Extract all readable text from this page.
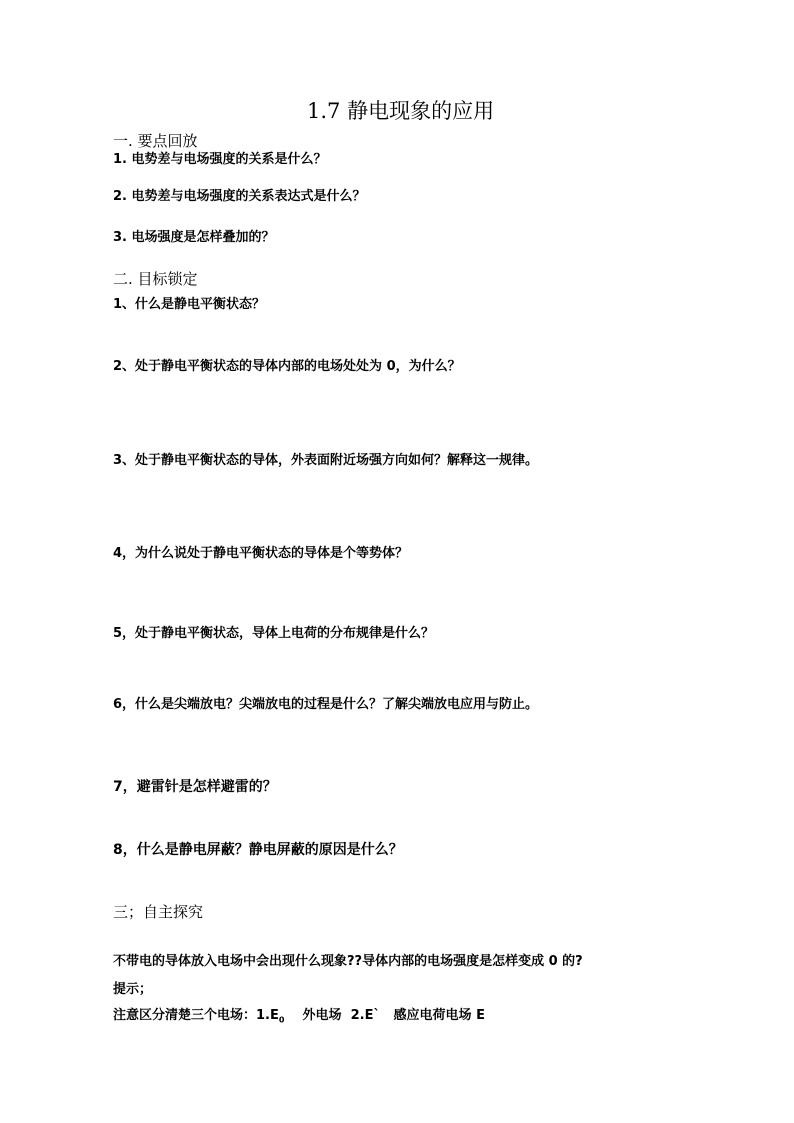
1.7 静电现象的应用
一. 要点回放
1. 电势差与电场强度的关系是什么？
2. 电势差与电场强度的关系表达式是什么？
3. 电场强度是怎样叠加的？
二. 目标锁定
1、什么是静电平衡状态？
2、处于静电平衡状态的导体内部的电场处处为 0，为什么？
3、处于静电平衡状态的导体，外表面附近场强方向如何？解释这一规律。
4，为什么说处于静电平衡状态的导体是个等势体？
5，处于静电平衡状态，导体上电荷的分布规律是什么？
6，什么是尖端放电？尖端放电的过程是什么？了解尖端放电应用与防止。
7，避雷针是怎样避雷的？
8，什么是静电屏蔽？静电屏蔽的原因是什么？
三；自主探究
不带电的导体放入电场中会出现什么现象??导体内部的电场强度是怎样变成 0 的?
提示；
注意区分清楚三个电场：$1.E_0$    外电场  2.E`   感应电荷电场 E
